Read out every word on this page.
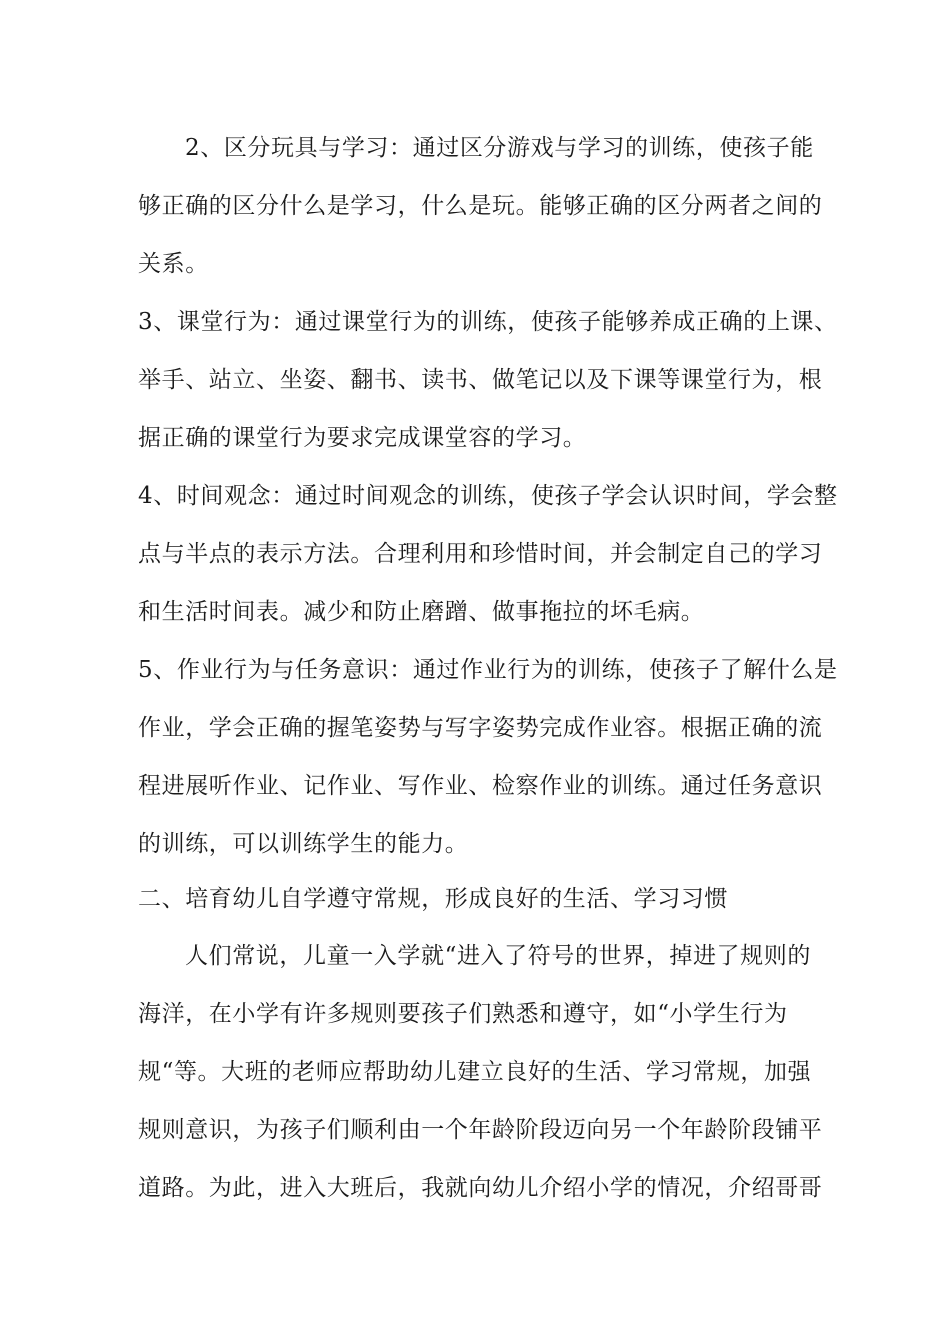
2、区分玩具与学习：通过区分游戏与学习的训练，使孩子能
够正确的区分什么是学习，什么是玩。能够正确的区分两者之间的
关系。
3、课堂行为：通过课堂行为的训练，使孩子能够养成正确的上课、
举手、站立、坐姿、翻书、读书、做笔记以及下课等课堂行为，根
据正确的课堂行为要求完成课堂容的学习。
4、时间观念：通过时间观念的训练，使孩子学会认识时间，学会整
点与半点的表示方法。合理利用和珍惜时间，并会制定自己的学习
和生活时间表。减少和防止磨蹭、做事拖拉的坏毛病。
5、作业行为与任务意识：通过作业行为的训练，使孩子了解什么是
作业，学会正确的握笔姿势与写字姿势完成作业容。根据正确的流
程进展听作业、记作业、写作业、检察作业的训练。通过任务意识
的训练，可以训练学生的能力。
二、培育幼儿自学遵守常规，形成良好的生活、学习习惯
人们常说，儿童一入学就“进入了符号的世界，掉进了规则的
海洋，在小学有许多规则要孩子们熟悉和遵守，如“小学生行为
规“等。大班的老师应帮助幼儿建立良好的生活、学习常规，加强
规则意识，为孩子们顺利由一个年龄阶段迈向另一个年龄阶段铺平
道路。为此，进入大班后，我就向幼儿介绍小学的情况，介绍哥哥
